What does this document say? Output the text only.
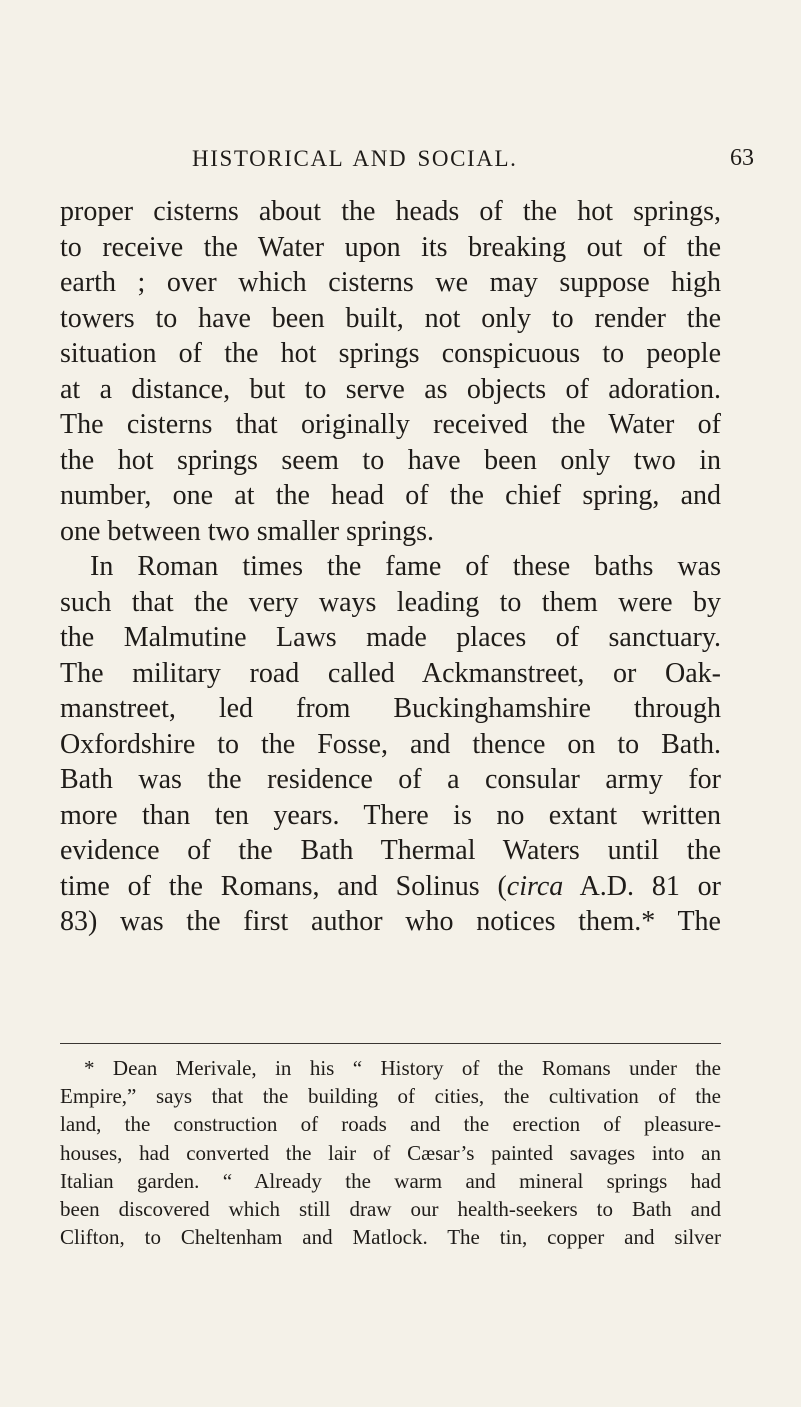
HISTORICAL AND SOCIAL.	63
proper cisterns about the heads of the hot springs,
to receive the Water upon its breaking out of the
earth ; over which cisterns we may suppose high
towers to have been built, not only to render the
situation of the hot springs conspicuous to people
at a distance, but to serve as objects of adoration.
The cisterns that originally received the Water of
the hot springs seem to have been only two in
number, one at the head of the chief spring, and
one between two smaller springs.
In Roman times the fame of these baths was
such that the very ways leading to them were by
the Malmutine Laws made places of sanctuary.
The military road called Ackmanstreet, or Oak-
manstreet, led from Buckinghamshire through
Oxfordshire to the Fosse, and thence on to Bath.
Bath was the residence of a consular army for
more than ten years. There is no extant written
evidence of the Bath Thermal Waters until the
time of the Romans, and Solinus (circa A.D. 81 or
83) was the first author who notices them.* The
* Dean Merivale, in his “ History of the Romans under the
Empire,” says that the building of cities, the cultivation of the
land, the construction of roads and the erection of pleasure-
houses, had converted the lair of Cæsar’s painted savages into an
Italian garden. “ Already the warm and mineral springs had
been discovered which still draw our health-seekers to Bath and
Clifton, to Cheltenham and Matlock. The tin, copper and silver
